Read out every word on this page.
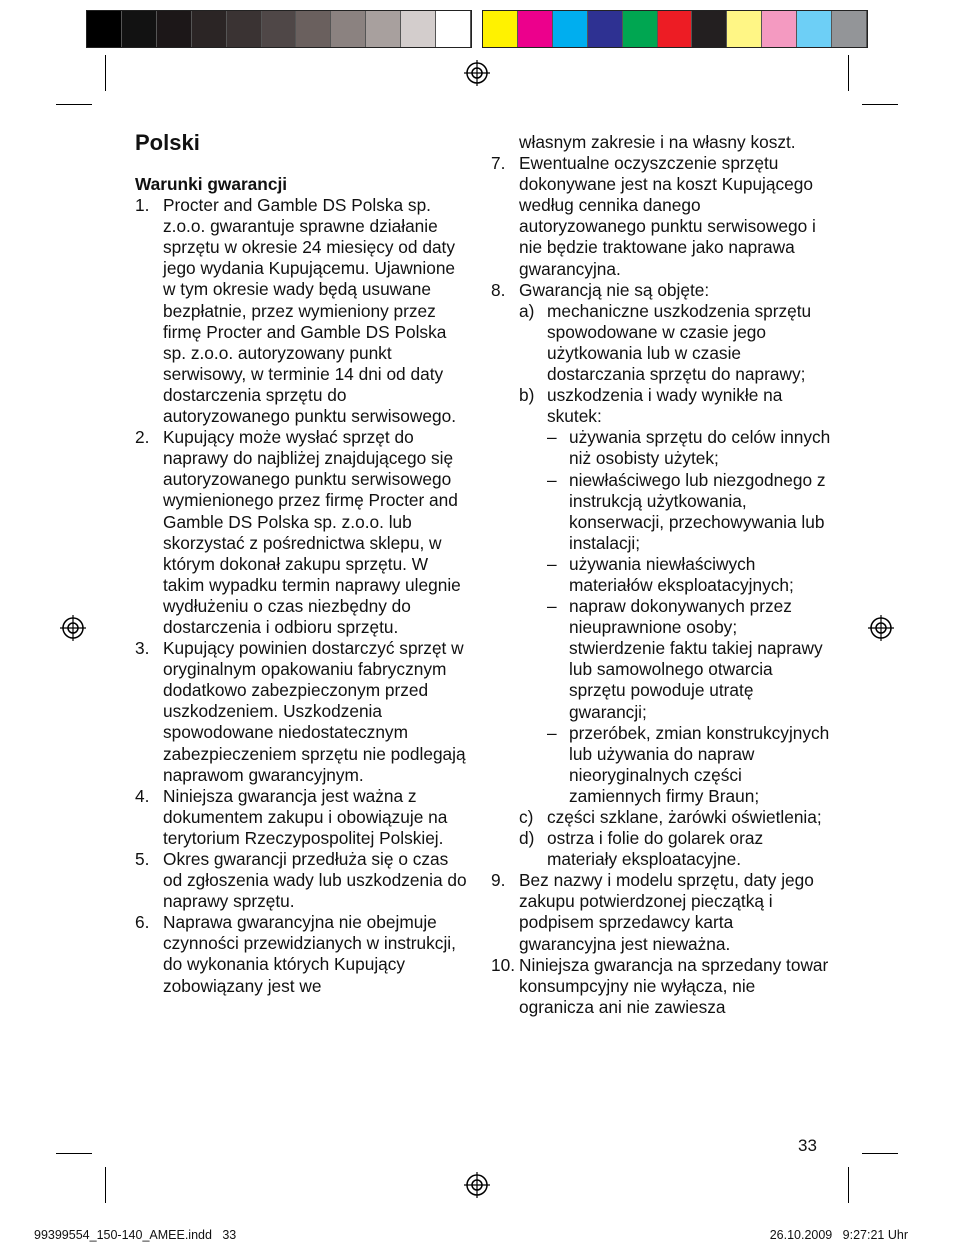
Polski

Warunki gwarancji

1. Procter and Gamble DS Polska sp. z.o.o. gwarantuje sprawne działanie sprzętu w okresie 24 miesięcy od daty jego wydania Kupującemu. Ujawnione w tym okresie wady będą usuwane bezpłatnie, przez wymieniony przez firmę Procter and Gamble DS Polska sp. z.o.o. autoryzowany punkt serwisowy, w terminie 14 dni od daty dostarczenia sprzętu do autoryzowanego punktu serwisowego.
2. Kupujący może wysłać sprzęt do naprawy do najbliżej znajdującego się autoryzowanego punktu serwisowego wymienionego przez firmę Procter and Gamble DS Polska sp. z.o.o. lub skorzystać z pośrednictwa sklepu, w którym dokonał zakupu sprzętu. W takim wypadku termin naprawy ulegnie wydłużeniu o czas niezbędny do dostarczenia i odbioru sprzętu.
3. Kupujący powinien dostarczyć sprzęt w oryginalnym opakowaniu fabrycznym dodatkowo zabezpieczonym przed uszkodzeniem. Uszkodzenia spowodowane niedostatecznym zabezpieczeniem sprzętu nie podlegają naprawom gwarancyjnym.
4. Niniejsza gwarancja jest ważna z dokumentem zakupu i obowiązuje na terytorium Rzeczypospolitej Polskiej.
5. Okres gwarancji przedłuża się o czas od zgłoszenia wady lub uszkodzenia do naprawy sprzętu.
6. Naprawa gwarancyjna nie obejmuje czynności przewidzianych w instrukcji, do wykonania których Kupujący zobowiązany jest we

własnym zakresie i na własny koszt.

7. Ewentualne oczyszczenie sprzętu dokonywane jest na koszt Kupującego według cennika danego autoryzowanego punktu serwisowego i nie będzie traktowane jako naprawa gwarancyjna.
8. Gwarancją nie są objęte:
a) mechaniczne uszkodzenia sprzętu spowodowane w czasie jego użytkowania lub w czasie dostarczania sprzętu do naprawy;
b) uszkodzenia i wady wynikłe na skutek:
– używania sprzętu do celów innych niż osobisty użytek;
– niewłaściwego lub niezgodnego z instrukcją użytkowania, konserwacji, przechowywania lub instalacji;
– używania niewłaściwych materiałów eksploatacyjnych;
– napraw dokonywanych przez nieuprawnione osoby; stwierdzenie faktu takiej naprawy lub samowolnego otwarcia sprzętu powoduje utratę gwarancji;
– przeróbek, zmian konstrukcyjnych lub używania do napraw nieoryginalnych części zamiennych firmy Braun;
c) części szklane, żarówki oświetlenia;
d) ostrza i folie do golarek oraz materiały eksploatacyjne.
9. Bez nazwy i modelu sprzętu, daty jego zakupu potwierdzonej pieczątką i podpisem sprzedawcy karta gwarancyjna jest nieważna.
10. Niniejsza gwarancja na sprzedany towar konsumpcyjny nie wyłącza, nie ogranicza ani nie zawiesza
33
99399554_150-140_AMEE.indd   33	26.10.2009   9:27:21 Uhr
